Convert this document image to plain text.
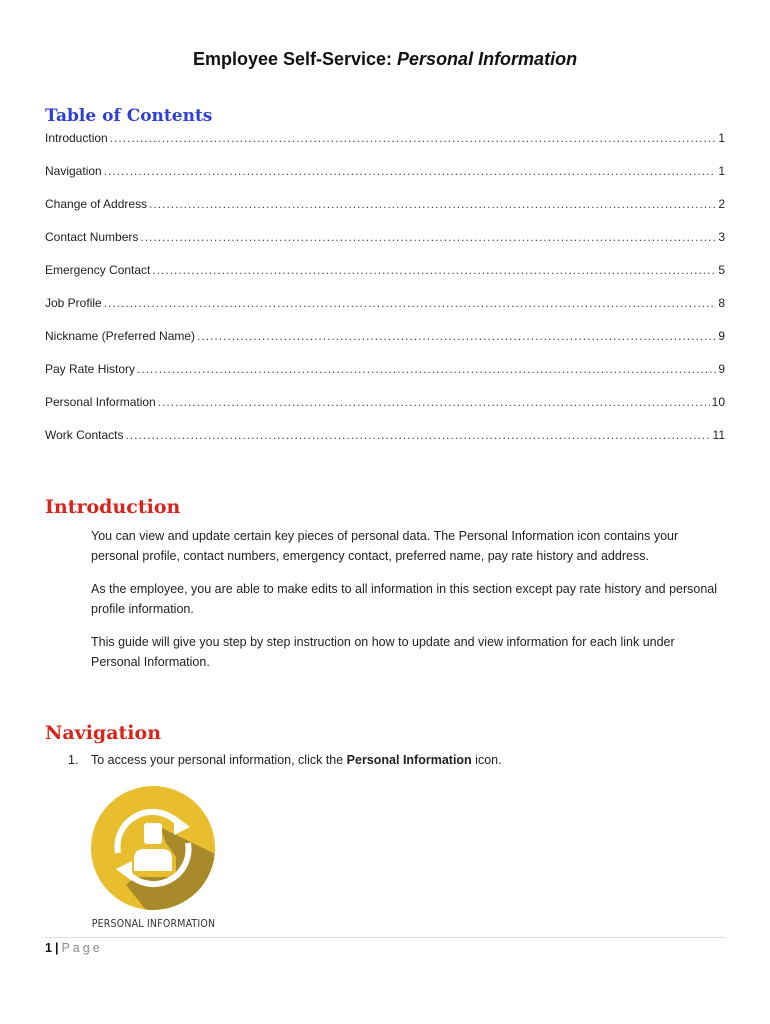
Employee Self-Service: Personal Information
Table of Contents
Introduction .....	1
Navigation .....	1
Change of Address .....	2
Contact Numbers .....	3
Emergency Contact .....	5
Job Profile .....	8
Nickname (Preferred Name) .....	9
Pay Rate History .....	9
Personal Information .....	10
Work Contacts .....	11
Introduction

You can view and update certain key pieces of personal data. The Personal Information icon contains your personal profile, contact numbers, emergency contact, preferred name, pay rate history and address.

As the employee, you are able to make edits to all information in this section except pay rate history and personal profile information.

This guide will give you step by step instruction on how to update and view information for each link under Personal Information.

Navigation
1. To access your personal information, click the Personal Information icon.
PERSONAL INFORMATION
1 | Page
